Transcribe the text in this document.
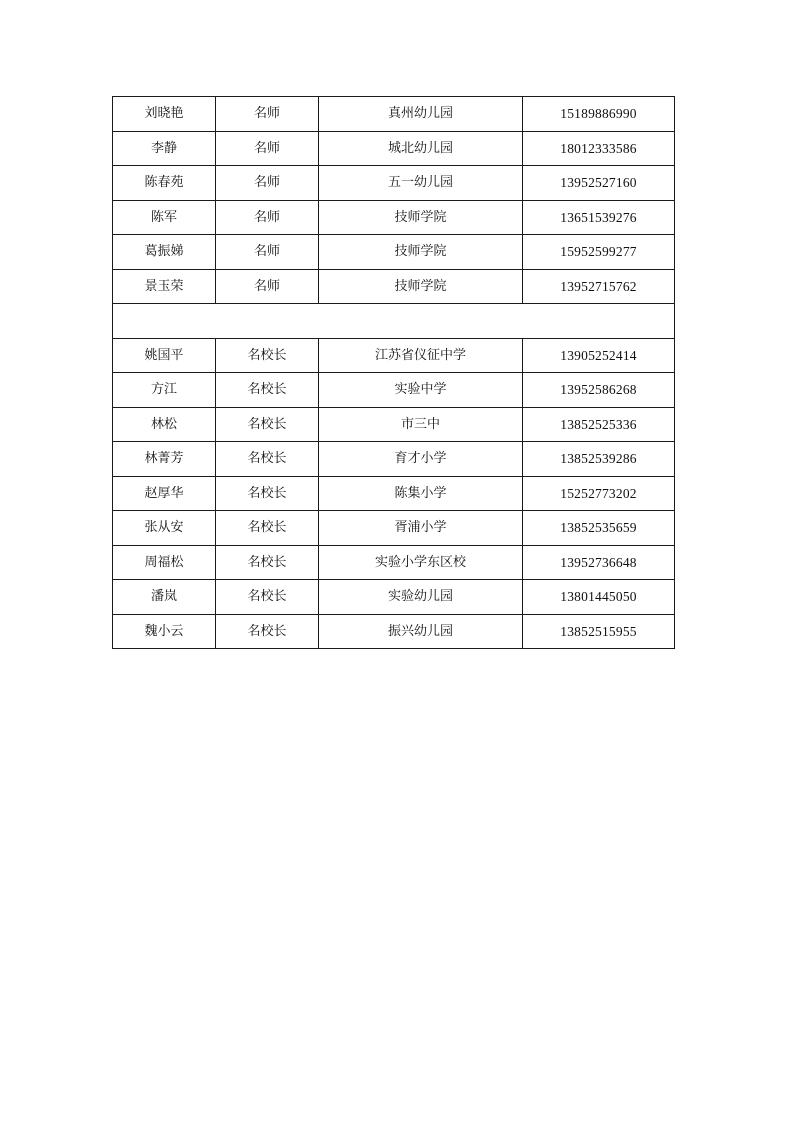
刘晓艳	名师	真州幼儿园	15189886990
李静	名师	城北幼儿园	18012333586
陈春苑	名师	五一幼儿园	13952527160
陈军	名师	技师学院	13651539276
葛振娣	名师	技师学院	15952599277
景玉荣	名师	技师学院	13952715762

姚国平	名校长	江苏省仪征中学	13905252414
方江	名校长	实验中学	13952586268
林松	名校长	市三中	13852525336
林菁芳	名校长	育才小学	13852539286
赵厚华	名校长	陈集小学	15252773202
张从安	名校长	胥浦小学	13852535659
周福松	名校长	实验小学东区校	13952736648
潘岚	名校长	实验幼儿园	13801445050
魏小云	名校长	振兴幼儿园	13852515955
